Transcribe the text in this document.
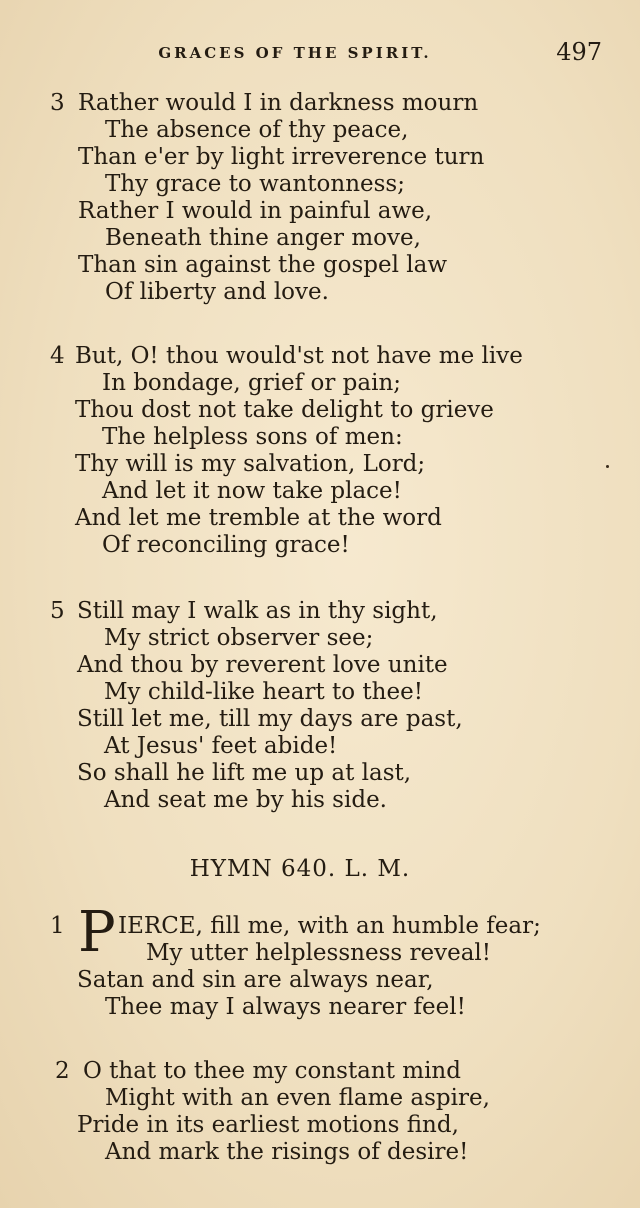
GRACES OF THE SPIRIT.	497
3 Rather would I in darkness mourn
The absence of thy peace,
Than e'er by light irreverence turn
Thy grace to wantonness;
Rather I would in painful awe,
Beneath thine anger move,
Than sin against the gospel law
Of liberty and love.
4 But, O! thou would'st not have me live
In bondage, grief or pain;
Thou dost not take delight to grieve
The helpless sons of men:
Thy will is my salvation, Lord;
And let it now take place!
And let me tremble at the word
Of reconciling grace!
5 Still may I walk as in thy sight,
My strict observer see;
And thou by reverent love unite
My child-like heart to thee!
Still let me, till my days are past,
At Jesus' feet abide!
So shall he lift me up at last,
And seat me by his side.
HYMN 640. L. M.
1 P IERCE, fill me, with an humble fear;
My utter helplessness reveal!
Satan and sin are always near,
Thee may I always nearer feel!
2 O that to thee my constant mind
Might with an even flame aspire,
Pride in its earliest motions find,
And mark the risings of desire!
